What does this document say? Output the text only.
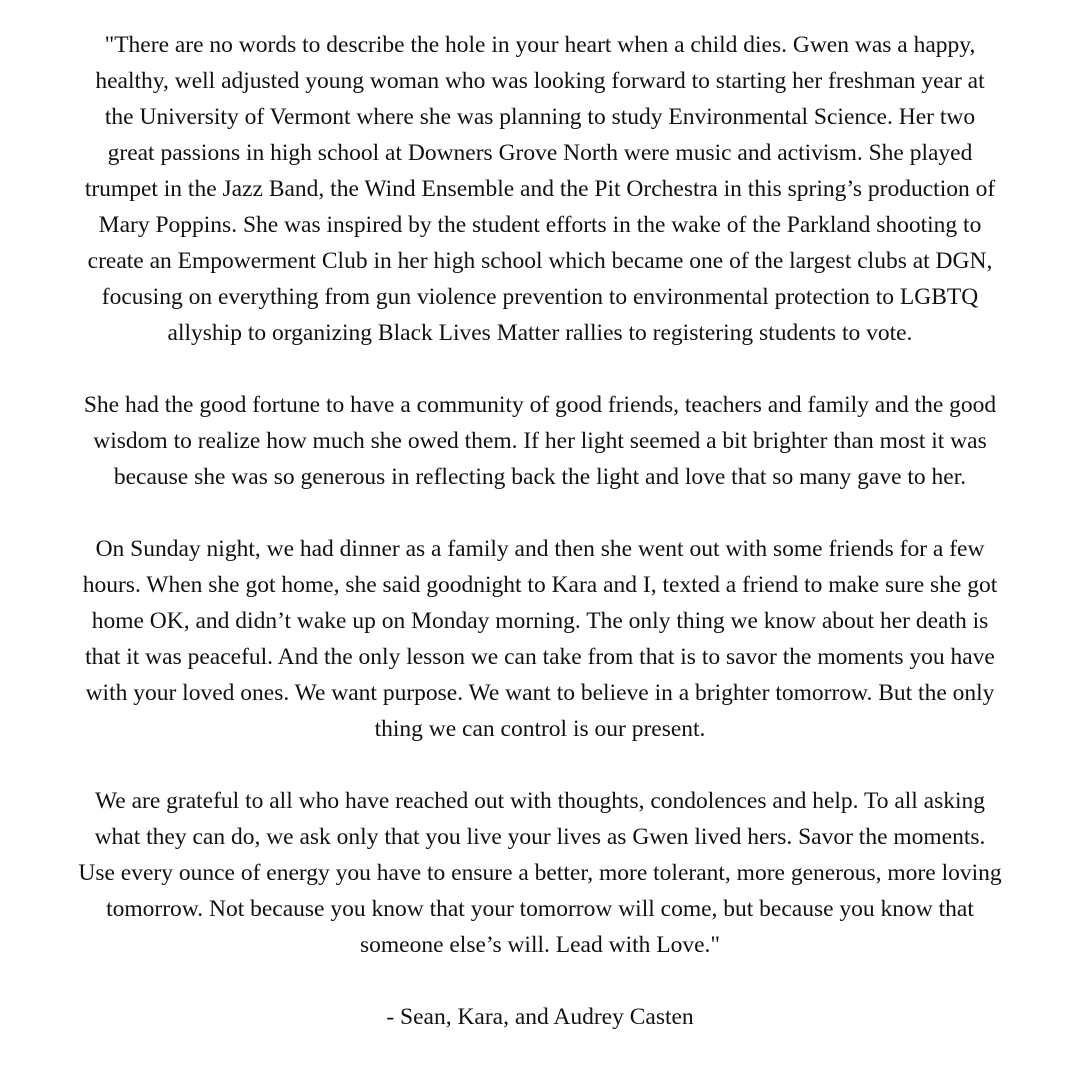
"There are no words to describe the hole in your heart when a child dies. Gwen was a happy,
healthy, well adjusted young woman who was looking forward to starting her freshman year at
the University of Vermont where she was planning to study Environmental Science. Her two
great passions in high school at Downers Grove North were music and activism. She played
trumpet in the Jazz Band, the Wind Ensemble and the Pit Orchestra in this spring’s production of
Mary Poppins. She was inspired by the student efforts in the wake of the Parkland shooting to
create an Empowerment Club in her high school which became one of the largest clubs at DGN,
focusing on everything from gun violence prevention to environmental protection to LGBTQ
allyship to organizing Black Lives Matter rallies to registering students to vote.

She had the good fortune to have a community of good friends, teachers and family and the good
wisdom to realize how much she owed them. If her light seemed a bit brighter than most it was
because she was so generous in reflecting back the light and love that so many gave to her.

On Sunday night, we had dinner as a family and then she went out with some friends for a few
hours. When she got home, she said goodnight to Kara and I, texted a friend to make sure she got
home OK, and didn’t wake up on Monday morning. The only thing we know about her death is
that it was peaceful. And the only lesson we can take from that is to savor the moments you have
with your loved ones. We want purpose. We want to believe in a brighter tomorrow. But the only
thing we can control is our present.

We are grateful to all who have reached out with thoughts, condolences and help. To all asking
what they can do, we ask only that you live your lives as Gwen lived hers. Savor the moments.
Use every ounce of energy you have to ensure a better, more tolerant, more generous, more loving
tomorrow. Not because you know that your tomorrow will come, but because you know that
someone else’s will. Lead with Love."

- Sean, Kara, and Audrey Casten
